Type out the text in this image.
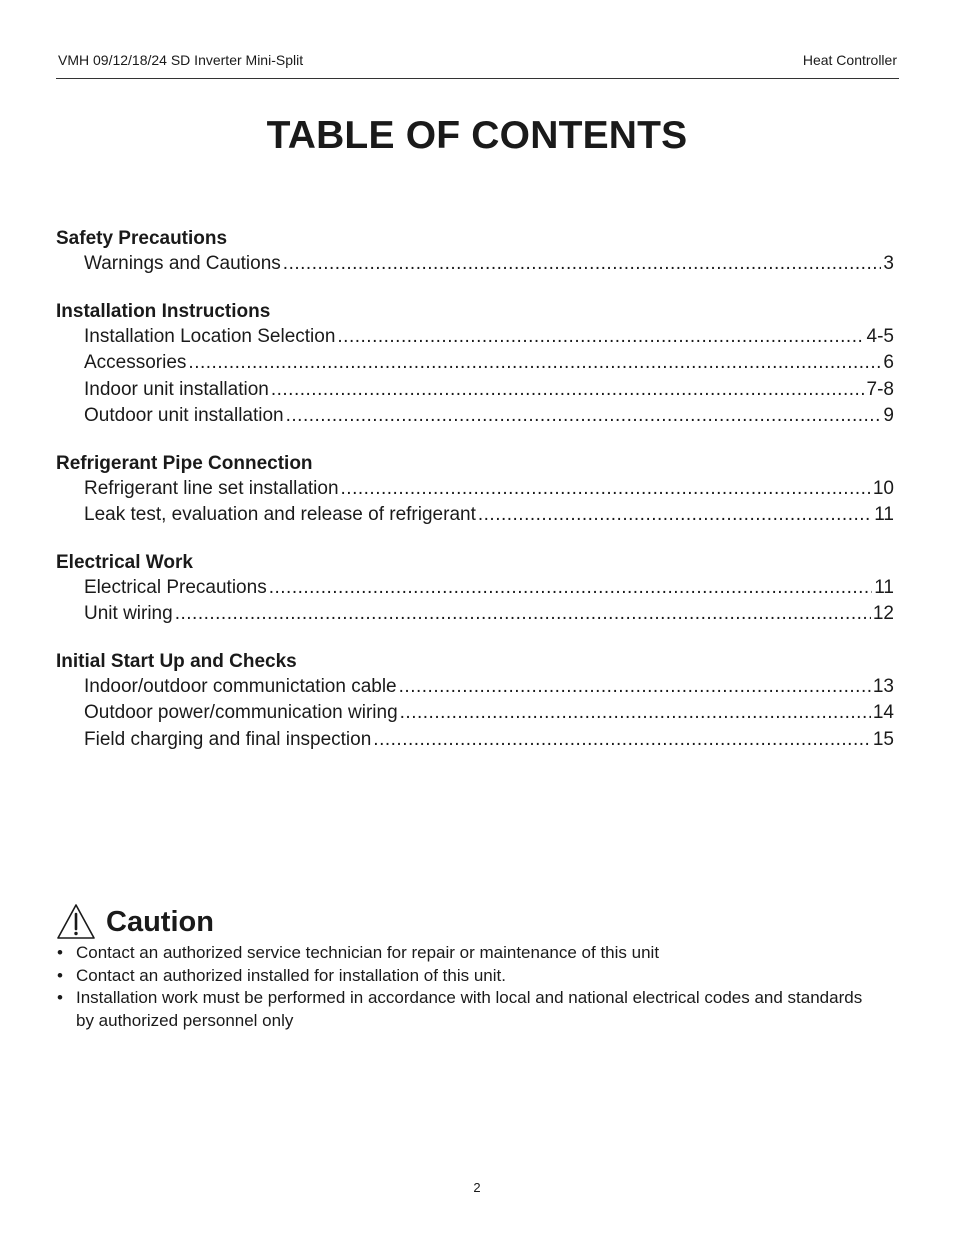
VMH 09/12/18/24 SD Inverter Mini-Split	Heat Controller
TABLE OF CONTENTS
Safety Precautions
Warnings and Cautions .....	3
Installation Instructions
Installation Location Selection .....	4-5
Accessories .....	6
Indoor unit installation .....	7-8
Outdoor unit installation .....	9
Refrigerant Pipe Connection
Refrigerant line set installation .....	10
Leak test, evaluation and release of refrigerant .....	11
Electrical Work
Electrical Precautions .....	11
Unit wiring .....	12
Initial Start Up and Checks
Indoor/outdoor communictation cable .....	13
Outdoor power/communication wiring .....	14
Field charging and final inspection .....	15
Caution
• Contact an authorized service technician for repair or maintenance of this unit
• Contact an authorized installed for installation of this unit.
• Installation work must be performed in accordance with local and national electrical codes and standards by authorized personnel only
2
